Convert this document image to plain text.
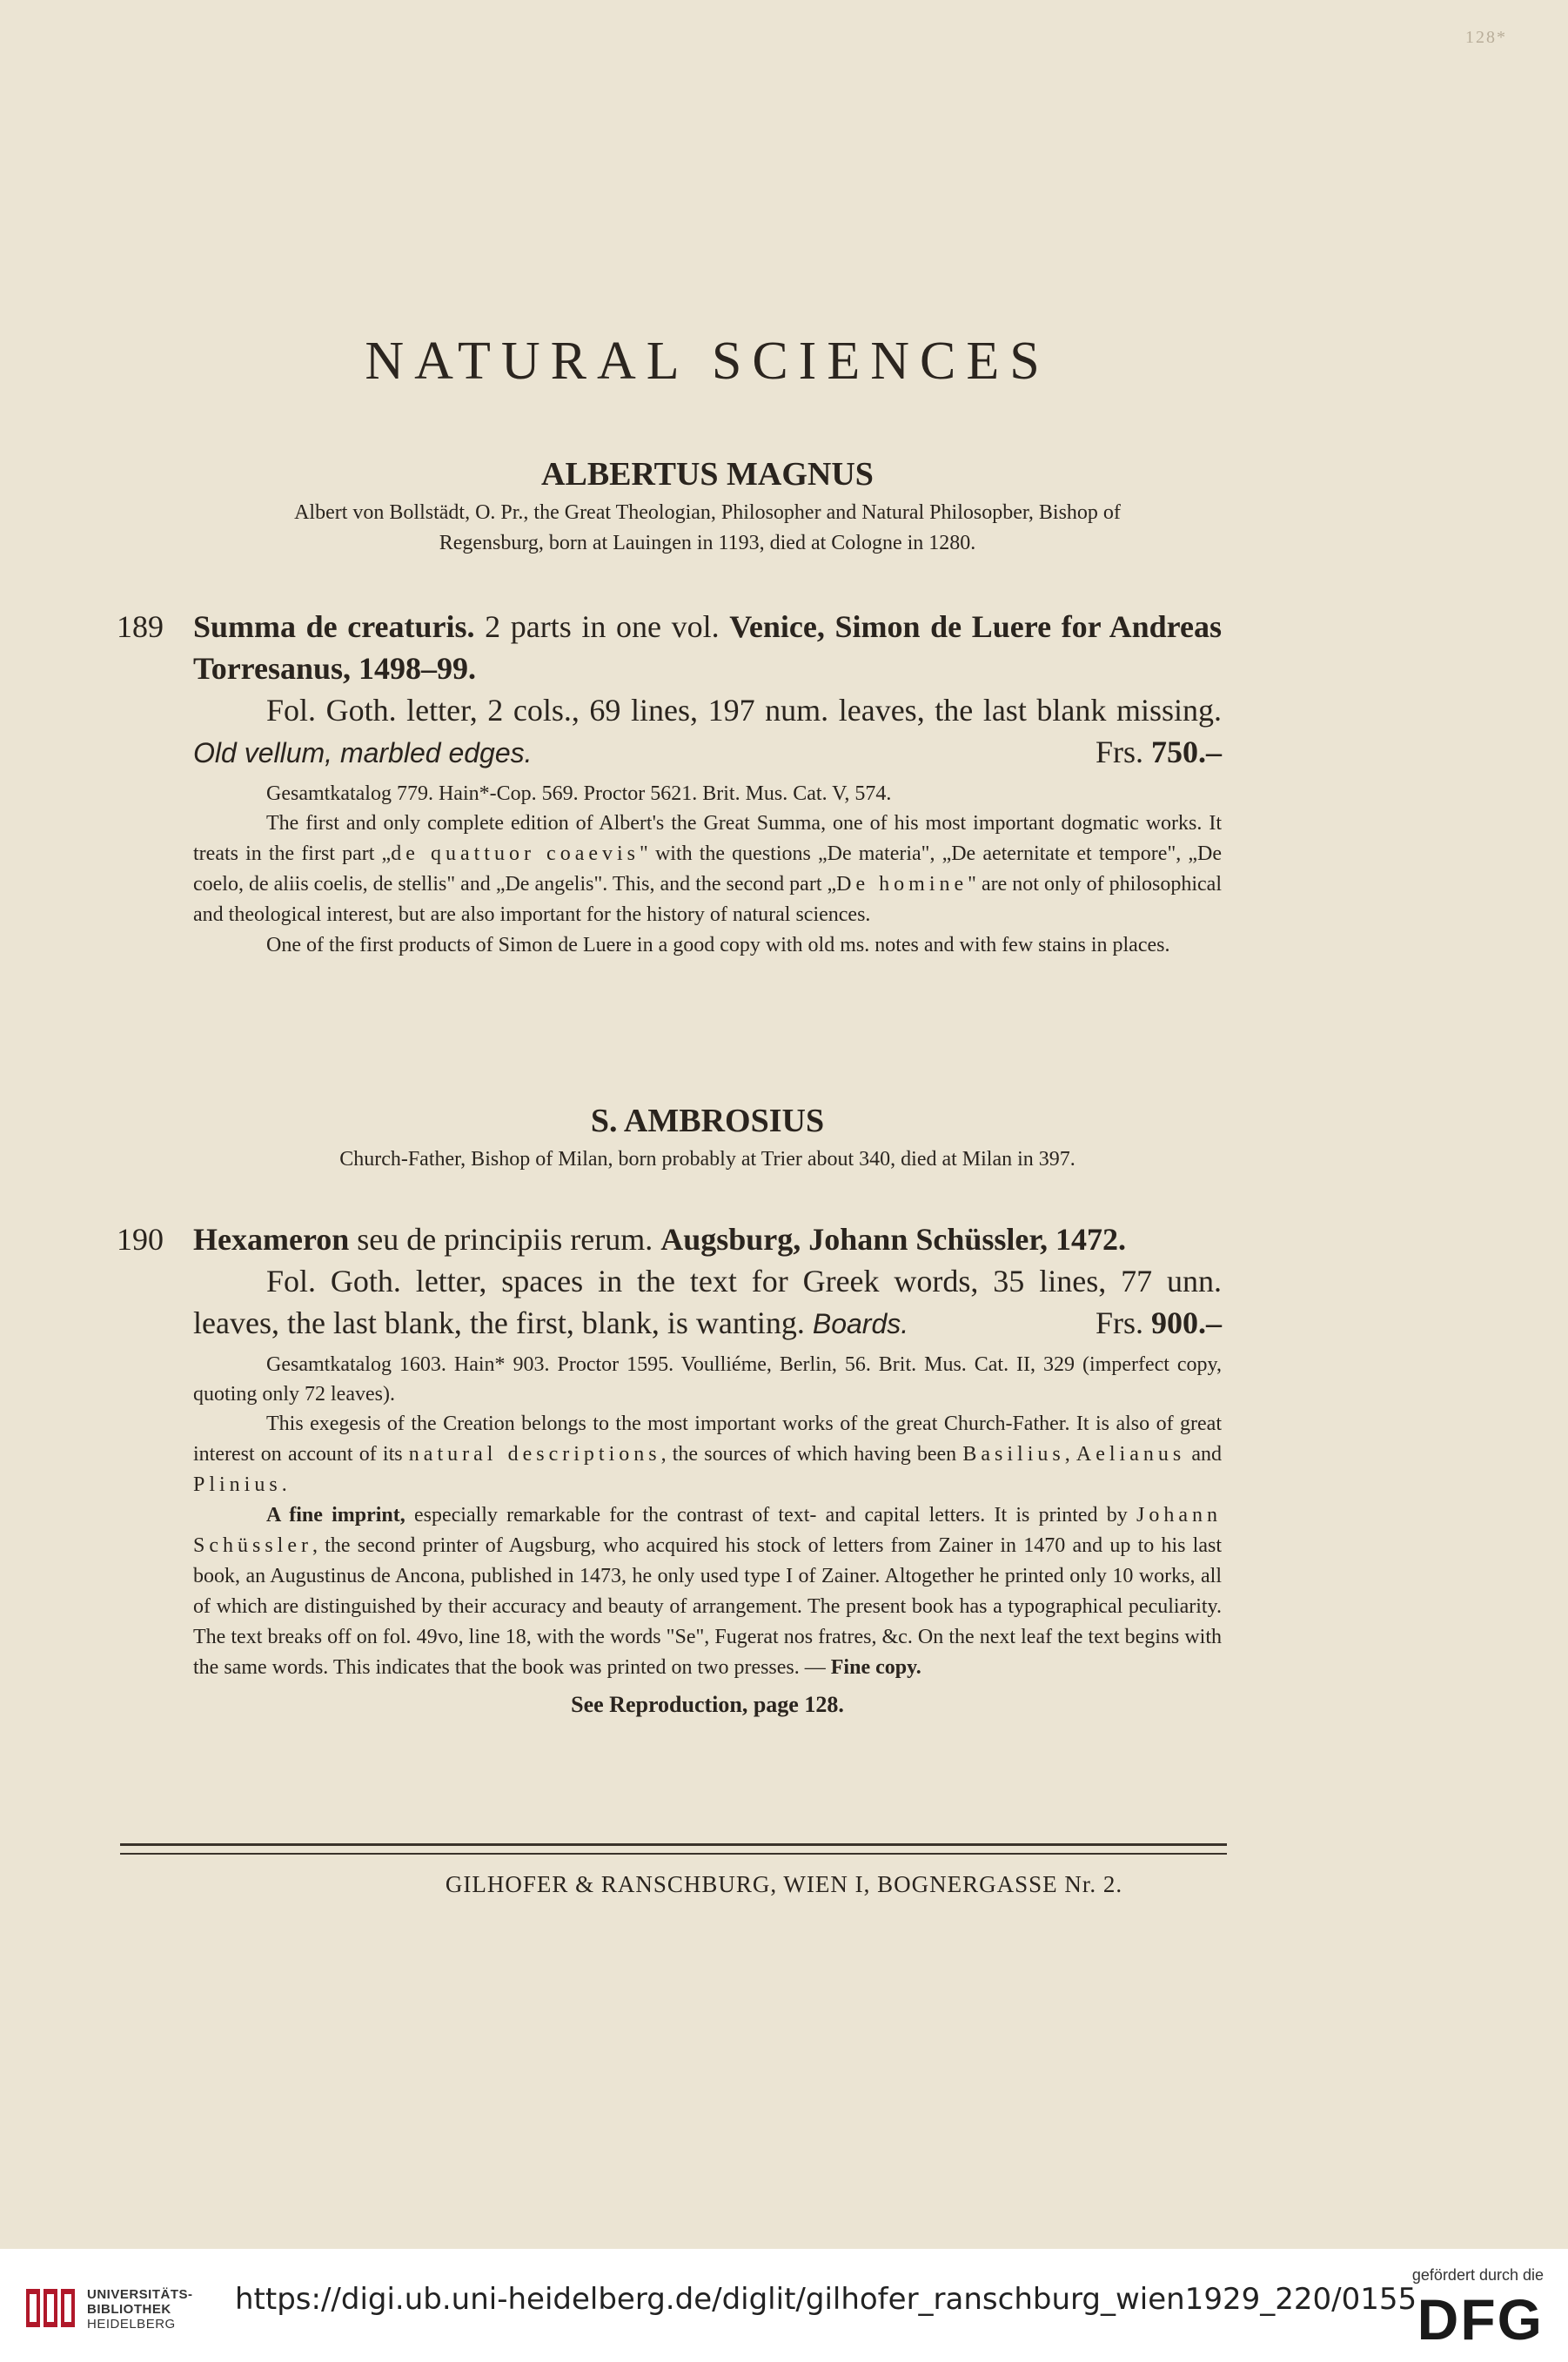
128*
NATURAL SCIENCES

ALBERTUS MAGNUS

Albert von Bollstädt, O. Pr., the Great Theologian, Philosopher and Natural Philosopber, Bishop of Regensburg, born at Lauingen in 1193, died at Cologne in 1280.

189 Summa de creaturis. 2 parts in one vol. Venice, Simon de Luere for Andreas Torresanus, 1498–99.

Fol. Goth. letter, 2 cols., 69 lines, 197 num. leaves, the last blank missing. Old vellum, marbled edges.	Frs. 750.–

Gesamtkatalog 779. Hain*-Cop. 569. Proctor 5621. Brit. Mus. Cat. V, 574.

The first and only complete edition of Albert's the Great Summa, one of his most important dogmatic works. It treats in the first part „de quattuor coaevis" with the questions „De materia", „De aeternitate et tempore", „De coelo, de aliis coelis, de stellis" and „De angelis". This, and the second part „De homine" are not only of philosophical and theological interest, but are also important for the history of natural sciences.

One of the first products of Simon de Luere in a good copy with old ms. notes and with few stains in places.

S. AMBROSIUS

Church-Father, Bishop of Milan, born probably at Trier about 340, died at Milan in 397.

190 Hexameron seu de principiis rerum. Augsburg, Johann Schüssler, 1472.

Fol. Goth. letter, spaces in the text for Greek words, 35 lines, 77 unn. leaves, the last blank, the first, blank, is wanting. Boards.	Frs. 900.–

Gesamtkatalog 1603. Hain* 903. Proctor 1595. Voulliéme, Berlin, 56. Brit. Mus. Cat. II, 329 (imperfect copy, quoting only 72 leaves).

This exegesis of the Creation belongs to the most important works of the great Church-Father. It is also of great interest on account of its natural descriptions, the sources of which having been Basilius, Aelianus and Plinius.

A fine imprint, especially remarkable for the contrast of text- and capital letters. It is printed by Johann Schüssler, the second printer of Augsburg, who acquired his stock of letters from Zainer in 1470 and up to his last book, an Augustinus de Ancona, published in 1473, he only used type I of Zainer. Altogether he printed only 10 works, all of which are distinguished by their accuracy and beauty of arrangement. The present book has a typographical peculiarity. The text breaks off on fol. 49vo, line 18, with the words "Se", Fugerat nos fratres, &c. On the next leaf the text begins with the same words. This indicates that the book was printed on two presses. — Fine copy.

See Reproduction, page 128.

GILHOFER & RANSCHBURG, WIEN I, BOGNERGASSE Nr. 2.
UNIVERSITÄTS-
BIBLIOTHEK
HEIDELBERG
https://digi.ub.uni-heidelberg.de/diglit/gilhofer_ranschburg_wien1929_220/0155
gefördert durch die
DFG
